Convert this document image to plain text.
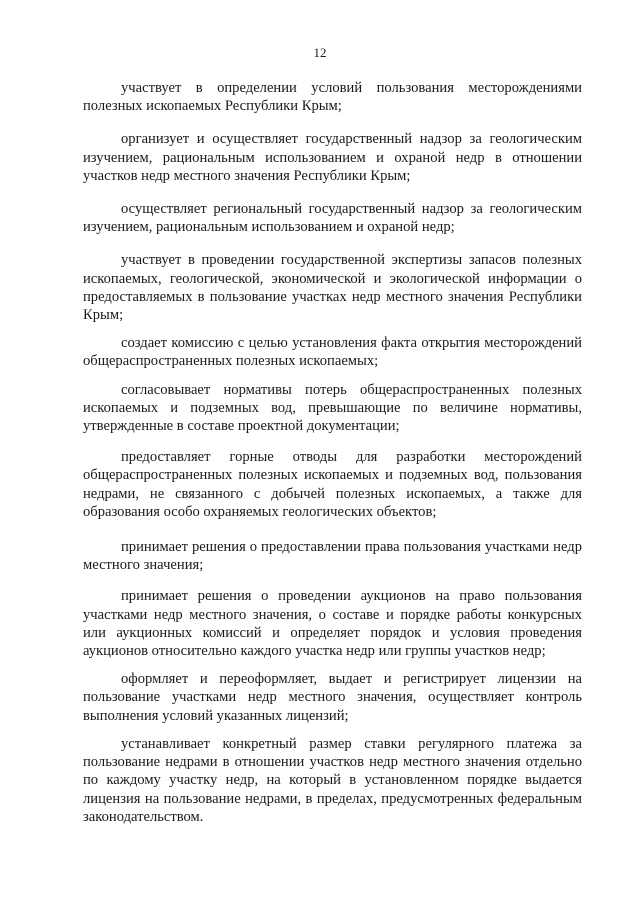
12

участвует в определении условий пользования месторождениями полезных ископаемых Республики Крым;

организует и осуществляет государственный надзор за геологическим изучением, рациональным использованием и охраной недр в отношении участков недр местного значения Республики Крым;

осуществляет региональный государственный надзор за геологическим изучением, рациональным использованием и охраной недр;

участвует в проведении государственной экспертизы запасов полезных ископаемых, геологической, экономической и экологической информации о предоставляемых в пользование участках недр местного значения Республики Крым;

создает комиссию с целью установления факта открытия месторождений общераспространенных полезных ископаемых;

согласовывает нормативы потерь общераспространенных полезных ископаемых и подземных вод, превышающие по величине нормативы, утвержденные в составе проектной документации;

предоставляет горные отводы для разработки месторождений общераспространенных полезных ископаемых и подземных вод, пользования недрами, не связанного с добычей полезных ископаемых, а также для образования особо охраняемых геологических объектов;

принимает решения о предоставлении права пользования участками недр местного значения;

принимает решения о проведении аукционов на право пользования участками недр местного значения, о составе и порядке работы конкурсных или аукционных комиссий и определяет порядок и условия проведения аукционов относительно каждого участка недр или группы участков недр;

оформляет и переоформляет, выдает и регистрирует лицензии на пользование участками недр местного значения, осуществляет контроль выполнения условий указанных лицензий;

устанавливает конкретный размер ставки регулярного платежа за пользование недрами в отношении участков недр местного значения отдельно по каждому участку недр, на который в установленном порядке выдается лицензия на пользование недрами, в пределах, предусмотренных федеральным законодательством.
